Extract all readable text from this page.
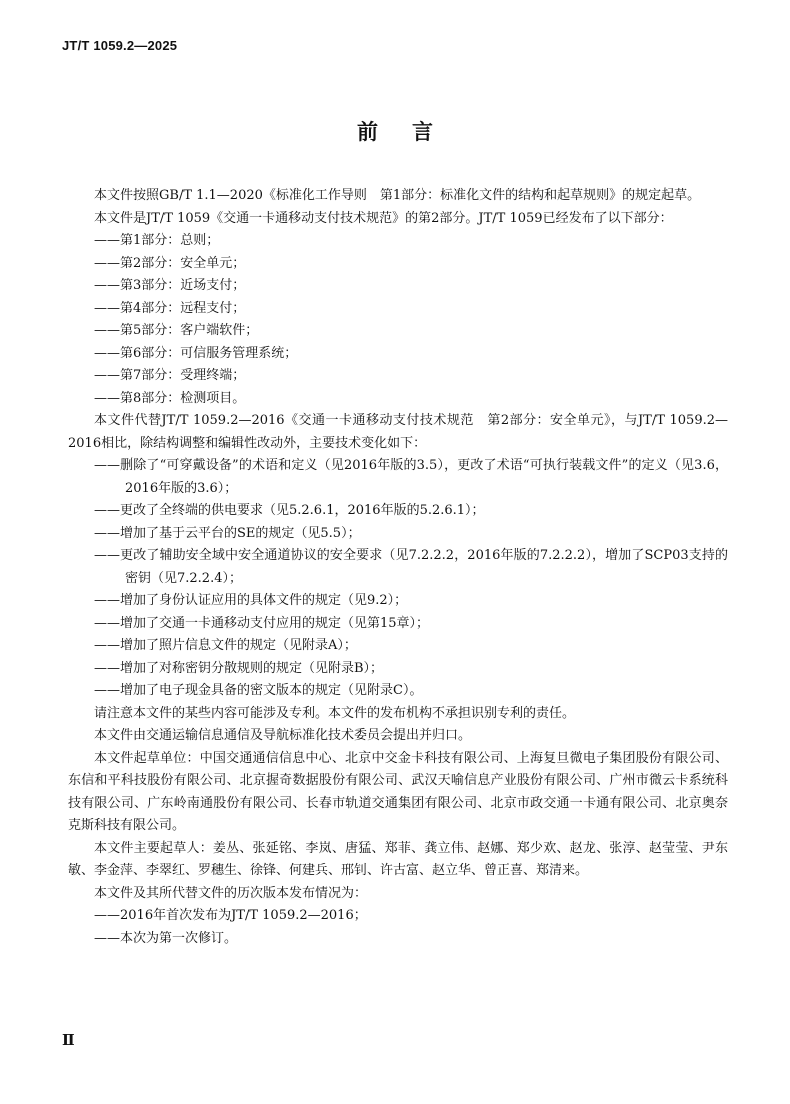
JT/T 1059.2—2025
前言

本文件按照GB/T 1.1—2020《标准化工作导则　第1部分：标准化文件的结构和起草规则》的规定起草。

本文件是JT/T 1059《交通一卡通移动支付技术规范》的第2部分。JT/T 1059已经发布了以下部分：

——第1部分：总则；

——第2部分：安全单元；

——第3部分：近场支付；

——第4部分：远程支付；

——第5部分：客户端软件；

——第6部分：可信服务管理系统；

——第7部分：受理终端；

——第8部分：检测项目。

本文件代替JT/T 1059.2—2016《交通一卡通移动支付技术规范　第2部分：安全单元》，与JT/T 1059.2—2016相比，除结构调整和编辑性改动外，主要技术变化如下：

——删除了“可穿戴设备”的术语和定义（见2016年版的3.5），更改了术语“可执行装载文件”的定义（见3.6，2016年版的3.6）；

——更改了全终端的供电要求（见5.2.6.1，2016年版的5.2.6.1）；

——增加了基于云平台的SE的规定（见5.5）；

——更改了辅助安全域中安全通道协议的安全要求（见7.2.2.2，2016年版的7.2.2.2），增加了SCP03支持的密钥（见7.2.2.4）；

——增加了身份认证应用的具体文件的规定（见9.2）；

——增加了交通一卡通移动支付应用的规定（见第15章）；

——增加了照片信息文件的规定（见附录A）；

——增加了对称密钥分散规则的规定（见附录B）；

——增加了电子现金具备的密文版本的规定（见附录C）。

请注意本文件的某些内容可能涉及专利。本文件的发布机构不承担识别专利的责任。

本文件由交通运输信息通信及导航标准化技术委员会提出并归口。

本文件起草单位：中国交通通信信息中心、北京中交金卡科技有限公司、上海复旦微电子集团股份有限公司、东信和平科技股份有限公司、北京握奇数据股份有限公司、武汉天喻信息产业股份有限公司、广州市微云卡系统科技有限公司、广东岭南通股份有限公司、长春市轨道交通集团有限公司、北京市政交通一卡通有限公司、北京奥奈克斯科技有限公司。

本文件主要起草人：姜丛、张延铭、李岚、唐猛、郑菲、龚立伟、赵娜、郑少欢、赵龙、张淳、赵莹莹、尹东敏、李金萍、李翠红、罗穗生、徐锋、何建兵、邢钊、许古富、赵立华、曾正喜、郑清来。

本文件及其所代替文件的历次版本发布情况为：

——2016年首次发布为JT/T 1059.2—2016；

——本次为第一次修订。

Ⅱ
